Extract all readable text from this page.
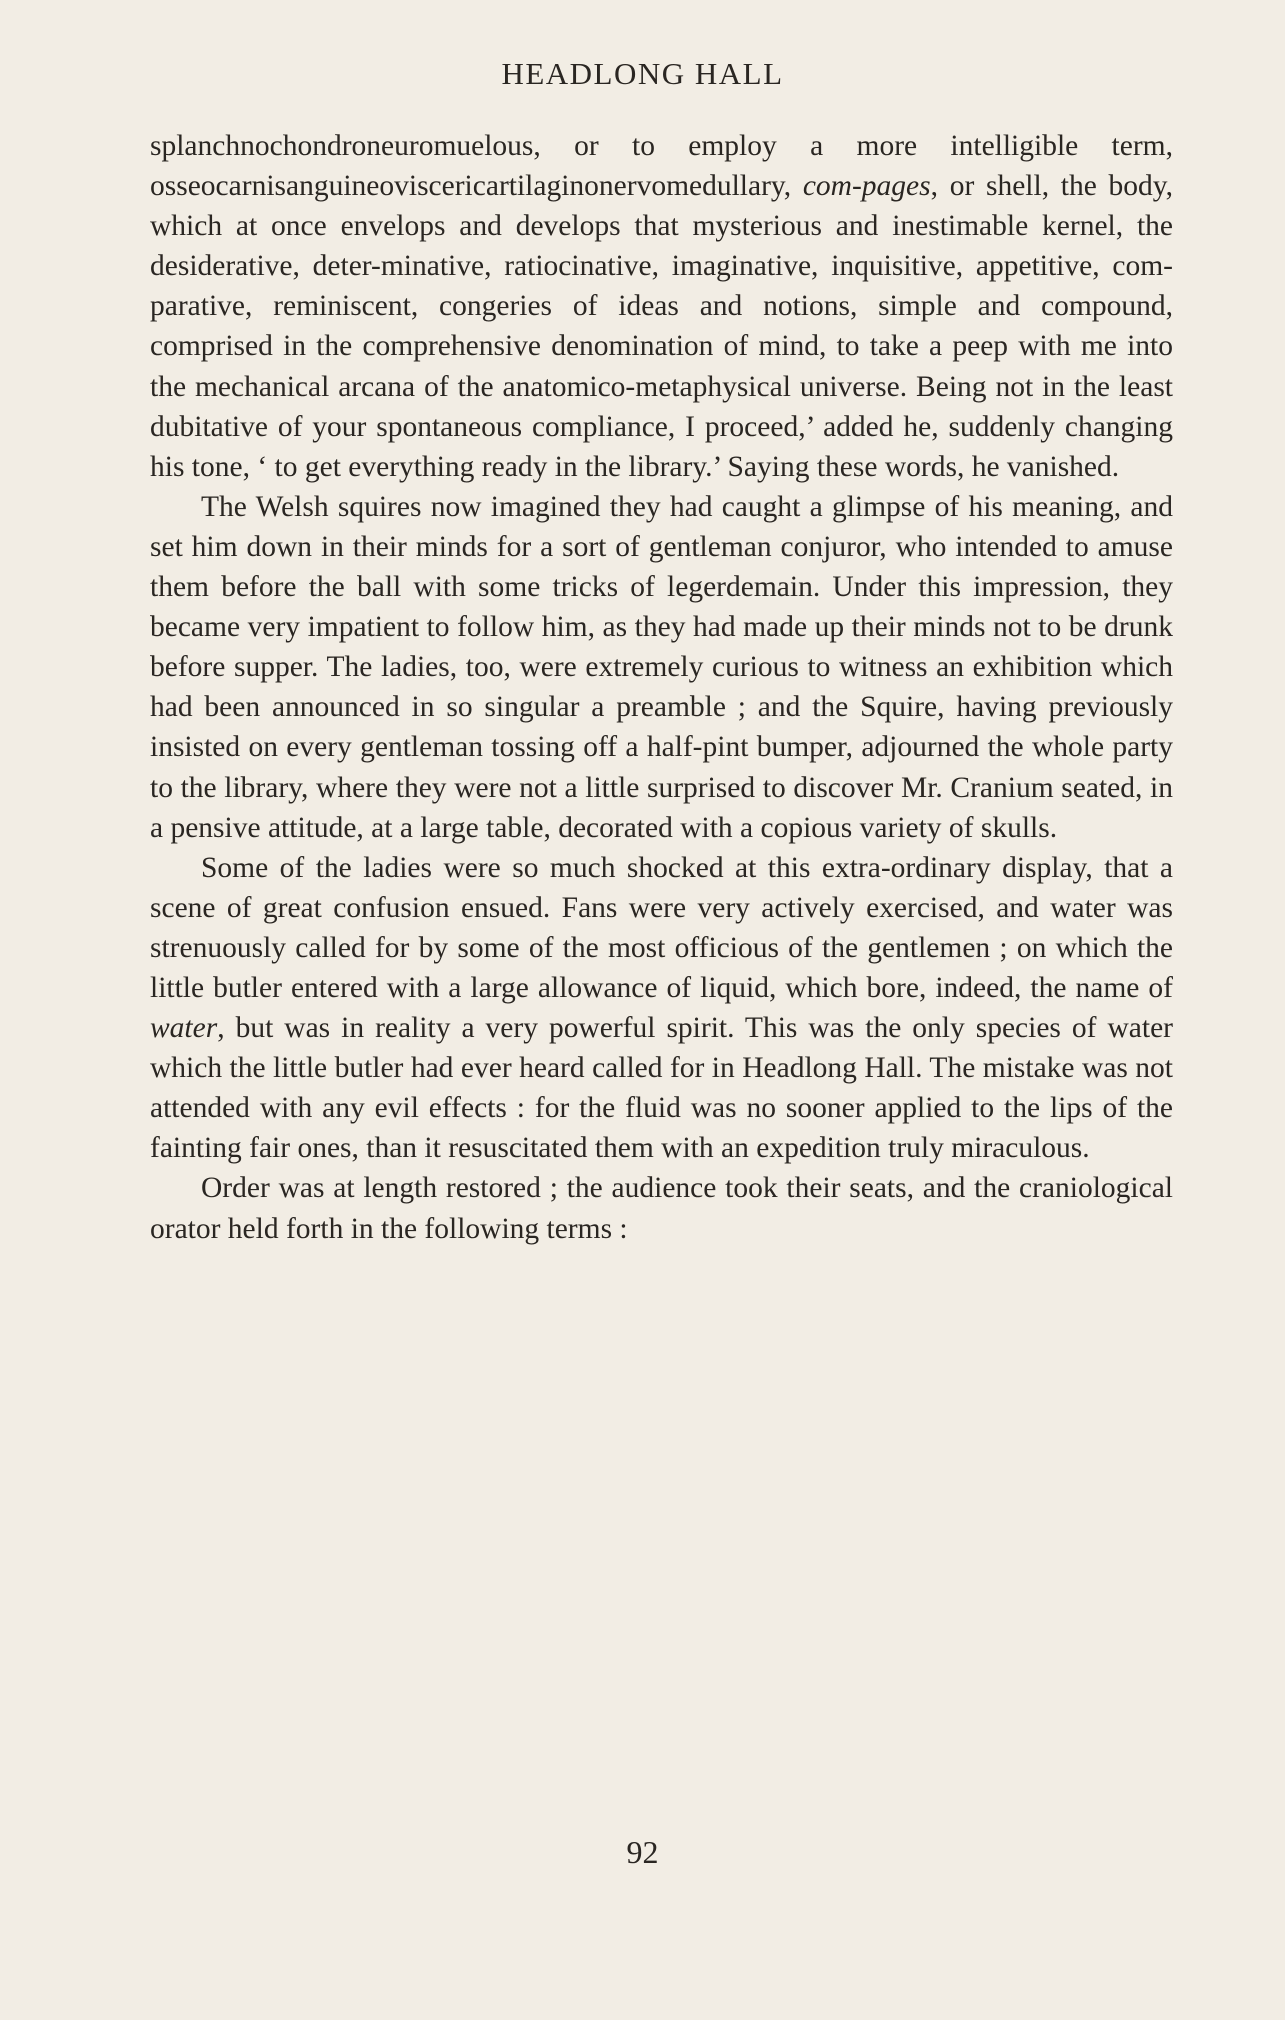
HEADLONG HALL

splanchnochondroneuromuelous, or to employ a more intelligible term, osseocarnisanguineoviscericartilaginonervomedullary, com-pages, or shell, the body, which at once envelops and develops that mysterious and inestimable kernel, the desiderative, deter-minative, ratiocinative, imaginative, inquisitive, appetitive, com-parative, reminiscent, congeries of ideas and notions, simple and compound, comprised in the comprehensive denomination of mind, to take a peep with me into the mechanical arcana of the anatomico-metaphysical universe. Being not in the least dubitative of your spontaneous compliance, I proceed,’ added he, suddenly changing his tone, ‘ to get everything ready in the library.’ Saying these words, he vanished.

The Welsh squires now imagined they had caught a glimpse of his meaning, and set him down in their minds for a sort of gentleman conjuror, who intended to amuse them before the ball with some tricks of legerdemain. Under this impression, they became very impatient to follow him, as they had made up their minds not to be drunk before supper. The ladies, too, were extremely curious to witness an exhibition which had been announced in so singular a preamble ; and the Squire, having previously insisted on every gentleman tossing off a half-pint bumper, adjourned the whole party to the library, where they were not a little surprised to discover Mr. Cranium seated, in a pensive attitude, at a large table, decorated with a copious variety of skulls.

Some of the ladies were so much shocked at this extra-ordinary display, that a scene of great confusion ensued. Fans were very actively exercised, and water was strenuously called for by some of the most officious of the gentlemen ; on which the little butler entered with a large allowance of liquid, which bore, indeed, the name of water, but was in reality a very powerful spirit. This was the only species of water which the little butler had ever heard called for in Headlong Hall. The mistake was not attended with any evil effects : for the fluid was no sooner applied to the lips of the fainting fair ones, than it resuscitated them with an expedition truly miraculous.

Order was at length restored ; the audience took their seats, and the craniological orator held forth in the following terms :

92
